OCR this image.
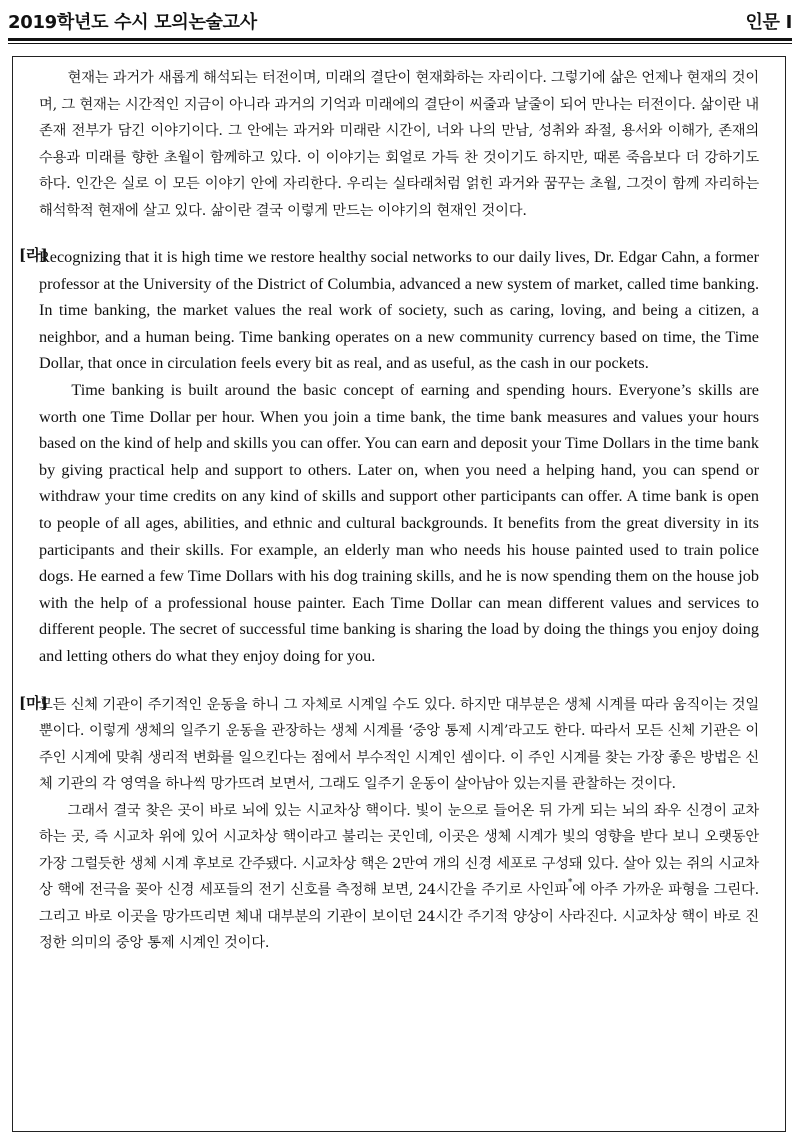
2019학년도 수시 모의논술고사	인문 I

현재는 과거가 새롭게 해석되는 터전이며, 미래의 결단이 현재화하는 자리이다. 그렇기에 삶은 언제나 현재의 것이며, 그 현재는 시간적인 지금이 아니라 과거의 기억과 미래에의 결단이 씨줄과 날줄이 되어 만나는 터전이다. 삶이란 내 존재 전부가 담긴 이야기이다. 그 안에는 과거와 미래란 시간이, 너와 나의 만남, 성취와 좌절, 용서와 이해가, 존재의 수용과 미래를 향한 초월이 함께하고 있다. 이 이야기는 회얼로 가득 찬 것이기도 하지만, 때론 죽음보다 더 강하기도 하다. 인간은 실로 이 모든 이야기 안에 자리한다. 우리는 실타래처럼 얽힌 과거와 꿈꾸는 초월, 그것이 함께 자리하는 해석학적 현재에 살고 있다. 삶이란 결국 이렇게 만드는 이야기의 현재인 것이다.

[라]

Recognizing that it is high time we restore healthy social networks to our daily lives, Dr. Edgar Cahn, a former professor at the University of the District of Columbia, advanced a new system of market, called time banking. In time banking, the market values the real work of society, such as caring, loving, and being a citizen, a neighbor, and a human being. Time banking operates on a new community currency based on time, the Time Dollar, that once in circulation feels every bit as real, and as useful, as the cash in our pockets.

Time banking is built around the basic concept of earning and spending hours. Everyone’s skills are worth one Time Dollar per hour. When you join a time bank, the time bank measures and values your hours based on the kind of help and skills you can offer. You can earn and deposit your Time Dollars in the time bank by giving practical help and support to others. Later on, when you need a helping hand, you can spend or withdraw your time credits on any kind of skills and support other participants can offer. A time bank is open to people of all ages, abilities, and ethnic and cultural backgrounds. It benefits from the great diversity in its participants and their skills. For example, an elderly man who needs his house painted used to train police dogs. He earned a few Time Dollars with his dog training skills, and he is now spending them on the house job with the help of a professional house painter. Each Time Dollar can mean different values and services to different people. The secret of successful time banking is sharing the load by doing the things you enjoy doing and letting others do what they enjoy doing for you.

[마]

모든 신체 기관이 주기적인 운동을 하니 그 자체로 시계일 수도 있다. 하지만 대부분은 생체 시계를 따라 움직이는 것일 뿐이다. 이렇게 생체의 일주기 운동을 관장하는 생체 시계를 ‘중앙 통제 시계’라고도 한다. 따라서 모든 신체 기관은 이 주인 시계에 맞춰 생리적 변화를 일으킨다는 점에서 부수적인 시계인 셈이다. 이 주인 시계를 찾는 가장 좋은 방법은 신체 기관의 각 영역을 하나씩 망가뜨려 보면서, 그래도 일주기 운동이 살아남아 있는지를 관찰하는 것이다.

그래서 결국 찾은 곳이 바로 뇌에 있는 시교차상 핵이다. 빛이 눈으로 들어온 뒤 가게 되는 뇌의 좌우 신경이 교차하는 곳, 즉 시교차 위에 있어 시교차상 핵이라고 불리는 곳인데, 이곳은 생체 시계가 빛의 영향을 받다 보니 오랫동안 가장 그럴듯한 생체 시계 후보로 간주됐다. 시교차상 핵은 2만여 개의 신경 세포로 구성돼 있다. 살아 있는 쥐의 시교차상 핵에 전극을 꽂아 신경 세포들의 전기 신호를 측정해 보면, 24시간을 주기로 사인파*에 아주 가까운 파형을 그린다. 그리고 바로 이곳을 망가뜨리면 체내 대부분의 기관이 보이던 24시간 주기적 양상이 사라진다. 시교차상 핵이 바로 진정한 의미의 중앙 통제 시계인 것이다.
